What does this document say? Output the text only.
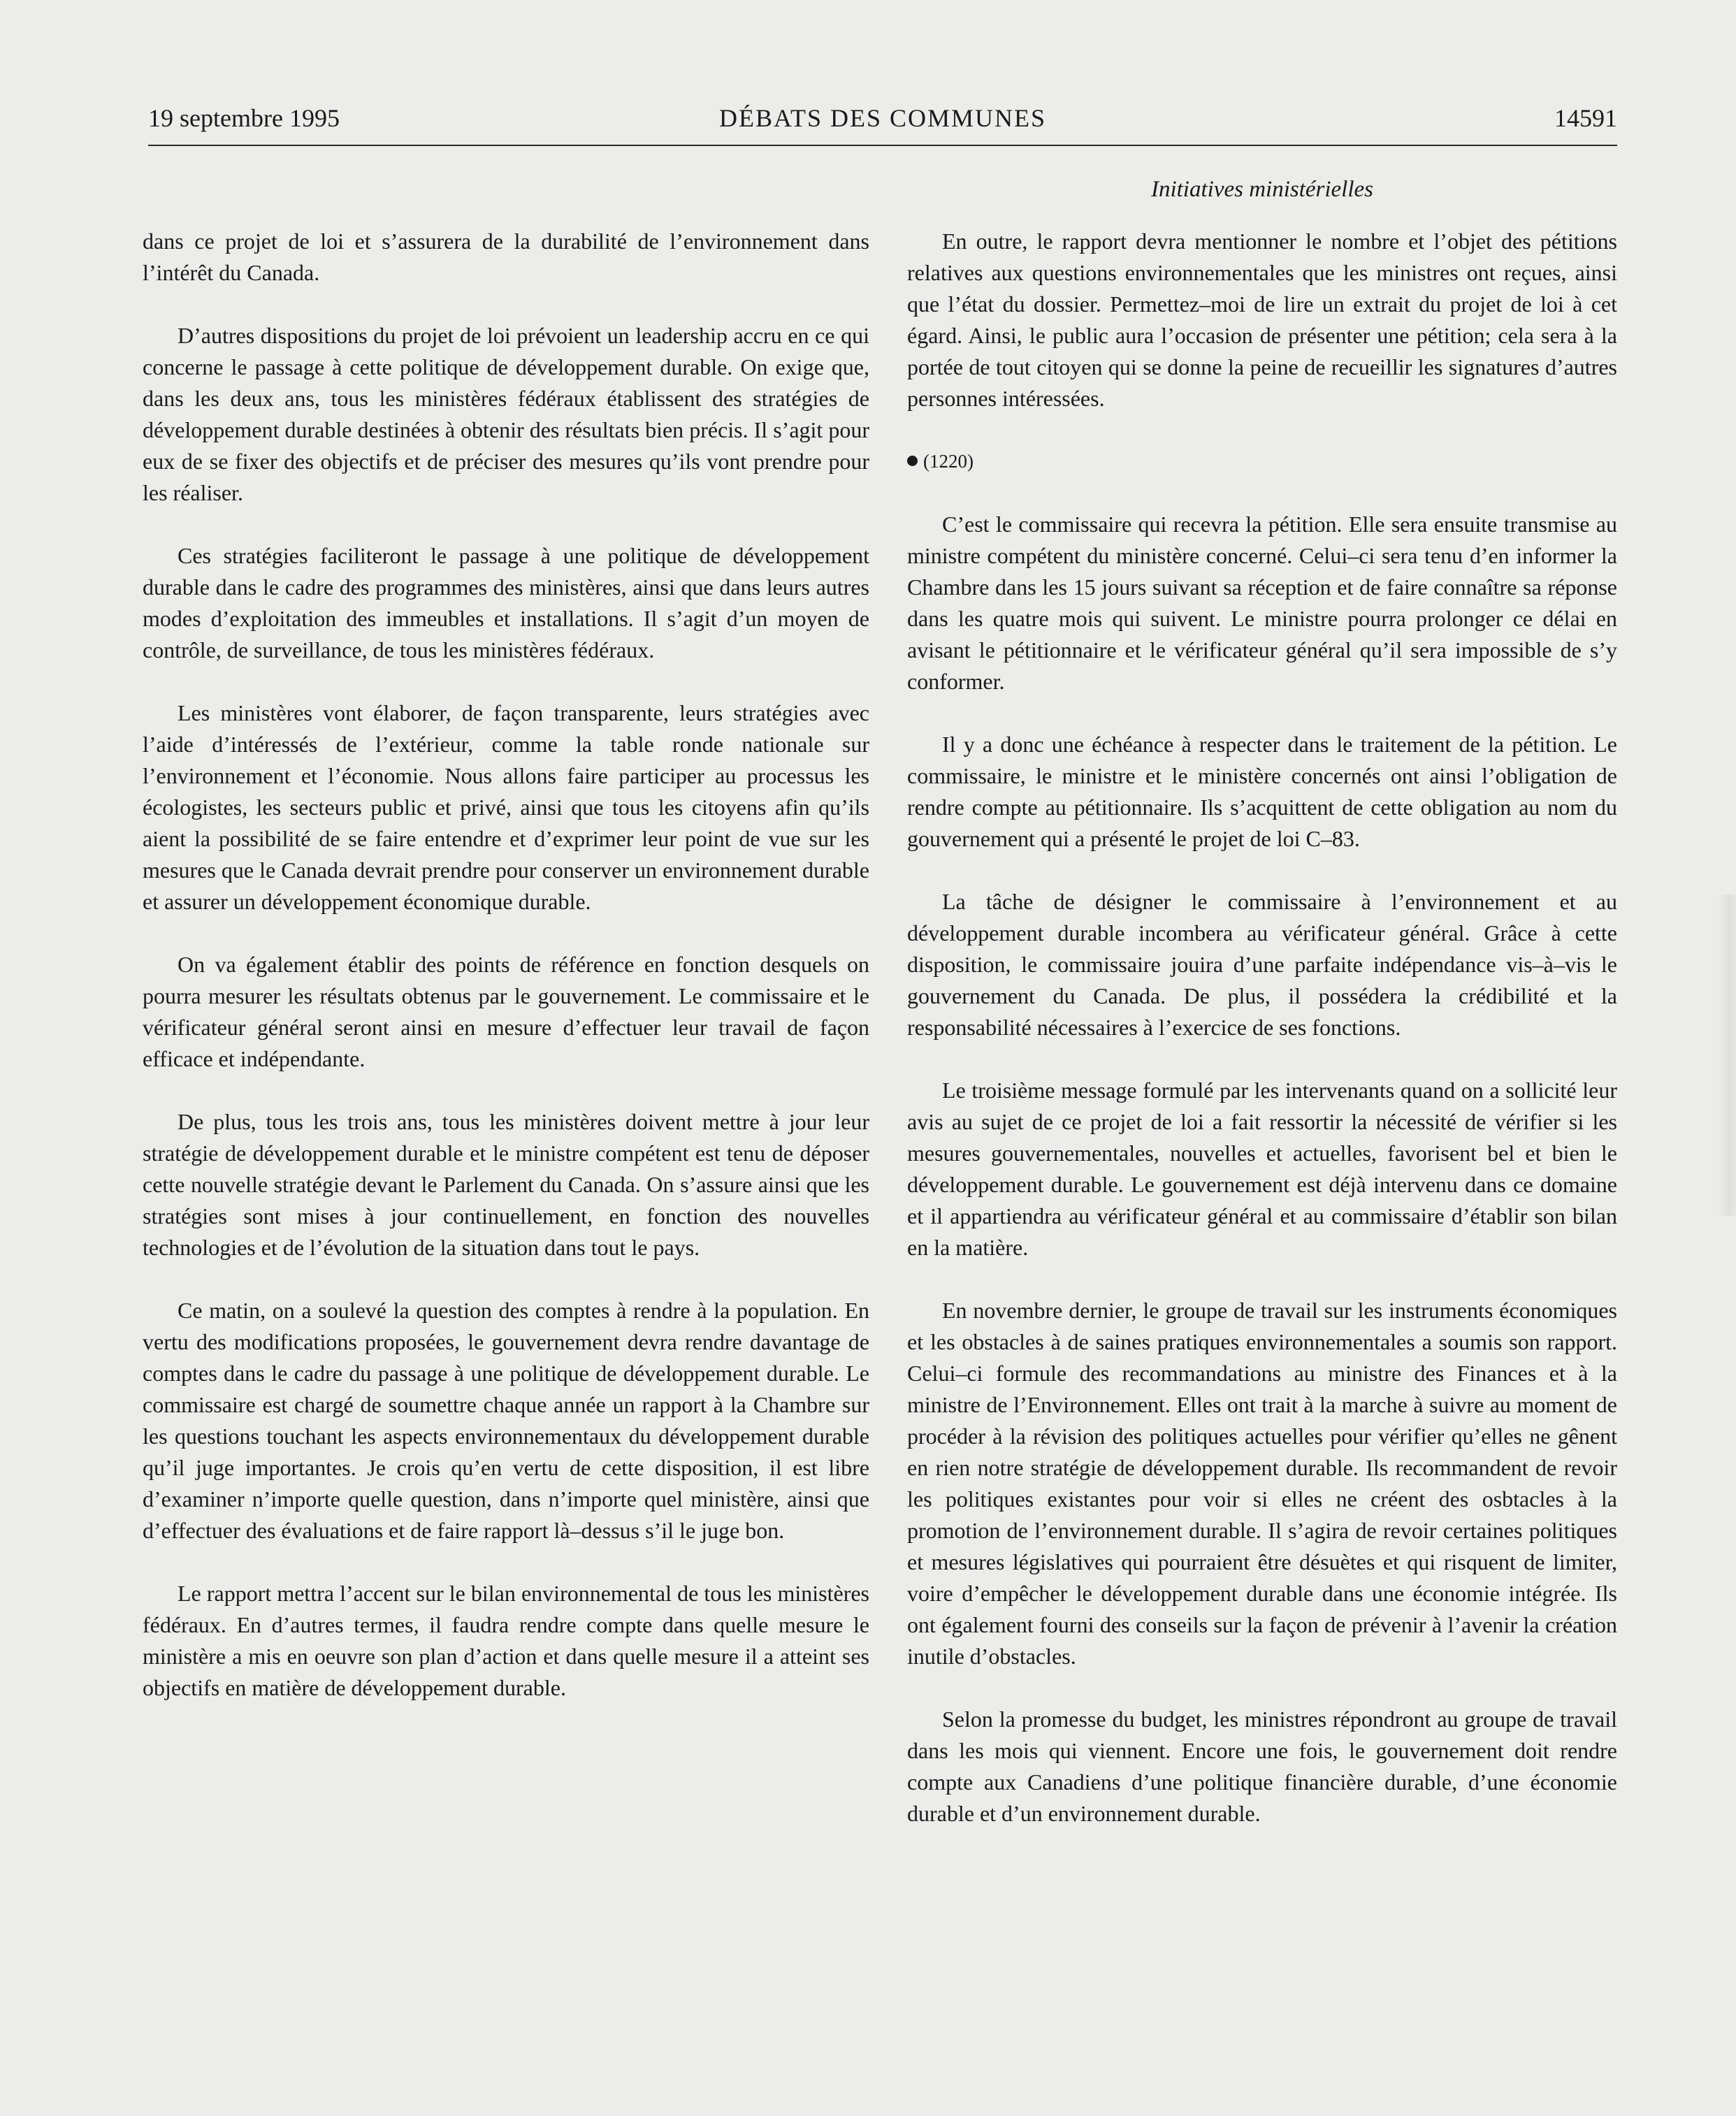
19 septembre 1995	DÉBATS DES COMMUNES	14591
Initiatives ministérielles

dans ce projet de loi et s’assurera de la durabilité de l’environnement dans l’intérêt du Canada.

D’autres dispositions du projet de loi prévoient un leadership accru en ce qui concerne le passage à cette politique de développement durable. On exige que, dans les deux ans, tous les ministères fédéraux établissent des stratégies de développement durable destinées à obtenir des résultats bien précis. Il s’agit pour eux de se fixer des objectifs et de préciser des mesures qu’ils vont prendre pour les réaliser.

Ces stratégies faciliteront le passage à une politique de développement durable dans le cadre des programmes des ministères, ainsi que dans leurs autres modes d’exploitation des immeubles et installations. Il s’agit d’un moyen de contrôle, de surveillance, de tous les ministères fédéraux.

Les ministères vont élaborer, de façon transparente, leurs stratégies avec l’aide d’intéressés de l’extérieur, comme la table ronde nationale sur l’environnement et l’économie. Nous allons faire participer au processus les écologistes, les secteurs public et privé, ainsi que tous les citoyens afin qu’ils aient la possibilité de se faire entendre et d’exprimer leur point de vue sur les mesures que le Canada devrait prendre pour conserver un environnement durable et assurer un développement économique durable.

On va également établir des points de référence en fonction desquels on pourra mesurer les résultats obtenus par le gouvernement. Le commissaire et le vérificateur général seront ainsi en mesure d’effectuer leur travail de façon efficace et indépendante.

De plus, tous les trois ans, tous les ministères doivent mettre à jour leur stratégie de développement durable et le ministre compétent est tenu de déposer cette nouvelle stratégie devant le Parlement du Canada. On s’assure ainsi que les stratégies sont mises à jour continuellement, en fonction des nouvelles technologies et de l’évolution de la situation dans tout le pays.

Ce matin, on a soulevé la question des comptes à rendre à la population. En vertu des modifications proposées, le gouvernement devra rendre davantage de comptes dans le cadre du passage à une politique de développement durable. Le commissaire est chargé de soumettre chaque année un rapport à la Chambre sur les questions touchant les aspects environnementaux du développement durable qu’il juge importantes. Je crois qu’en vertu de cette disposition, il est libre d’examiner n’importe quelle question, dans n’importe quel ministère, ainsi que d’effectuer des évaluations et de faire rapport là–dessus s’il le juge bon.

Le rapport mettra l’accent sur le bilan environnemental de tous les ministères fédéraux. En d’autres termes, il faudra rendre compte dans quelle mesure le ministère a mis en oeuvre son plan d’action et dans quelle mesure il a atteint ses objectifs en matière de développement durable.

En outre, le rapport devra mentionner le nombre et l’objet des pétitions relatives aux questions environnementales que les ministres ont reçues, ainsi que l’état du dossier. Permettez–moi de lire un extrait du projet de loi à cet égard. Ainsi, le public aura l’occasion de présenter une pétition; cela sera à la portée de tout citoyen qui se donne la peine de recueillir les signatures d’autres personnes intéressées.

(1220)

C’est le commissaire qui recevra la pétition. Elle sera ensuite transmise au ministre compétent du ministère concerné. Celui–ci sera tenu d’en informer la Chambre dans les 15 jours suivant sa réception et de faire connaître sa réponse dans les quatre mois qui suivent. Le ministre pourra prolonger ce délai en avisant le pétitionnaire et le vérificateur général qu’il sera impossible de s’y conformer.

Il y a donc une échéance à respecter dans le traitement de la pétition. Le commissaire, le ministre et le ministère concernés ont ainsi l’obligation de rendre compte au pétitionnaire. Ils s’acquittent de cette obligation au nom du gouvernement qui a présenté le projet de loi C–83.

La tâche de désigner le commissaire à l’environnement et au développement durable incombera au vérificateur général. Grâce à cette disposition, le commissaire jouira d’une parfaite indépendance vis–à–vis le gouvernement du Canada. De plus, il possédera la crédibilité et la responsabilité nécessaires à l’exercice de ses fonctions.

Le troisième message formulé par les intervenants quand on a sollicité leur avis au sujet de ce projet de loi a fait ressortir la nécessité de vérifier si les mesures gouvernementales, nouvelles et actuelles, favorisent bel et bien le développement durable. Le gouvernement est déjà intervenu dans ce domaine et il appartiendra au vérificateur général et au commissaire d’établir son bilan en la matière.

En novembre dernier, le groupe de travail sur les instruments économiques et les obstacles à de saines pratiques environnementales a soumis son rapport. Celui–ci formule des recommandations au ministre des Finances et à la ministre de l’Environnement. Elles ont trait à la marche à suivre au moment de procéder à la révision des politiques actuelles pour vérifier qu’elles ne gênent en rien notre stratégie de développement durable. Ils recommandent de revoir les politiques existantes pour voir si elles ne créent des osbtacles à la promotion de l’environnement durable. Il s’agira de revoir certaines politiques et mesures législatives qui pourraient être désuètes et qui risquent de limiter, voire d’empêcher le développement durable dans une économie intégrée. Ils ont également fourni des conseils sur la façon de prévenir à l’avenir la création inutile d’obstacles.

Selon la promesse du budget, les ministres répondront au groupe de travail dans les mois qui viennent. Encore une fois, le gouvernement doit rendre compte aux Canadiens d’une politique financière durable, d’une économie durable et d’un environnement durable.
